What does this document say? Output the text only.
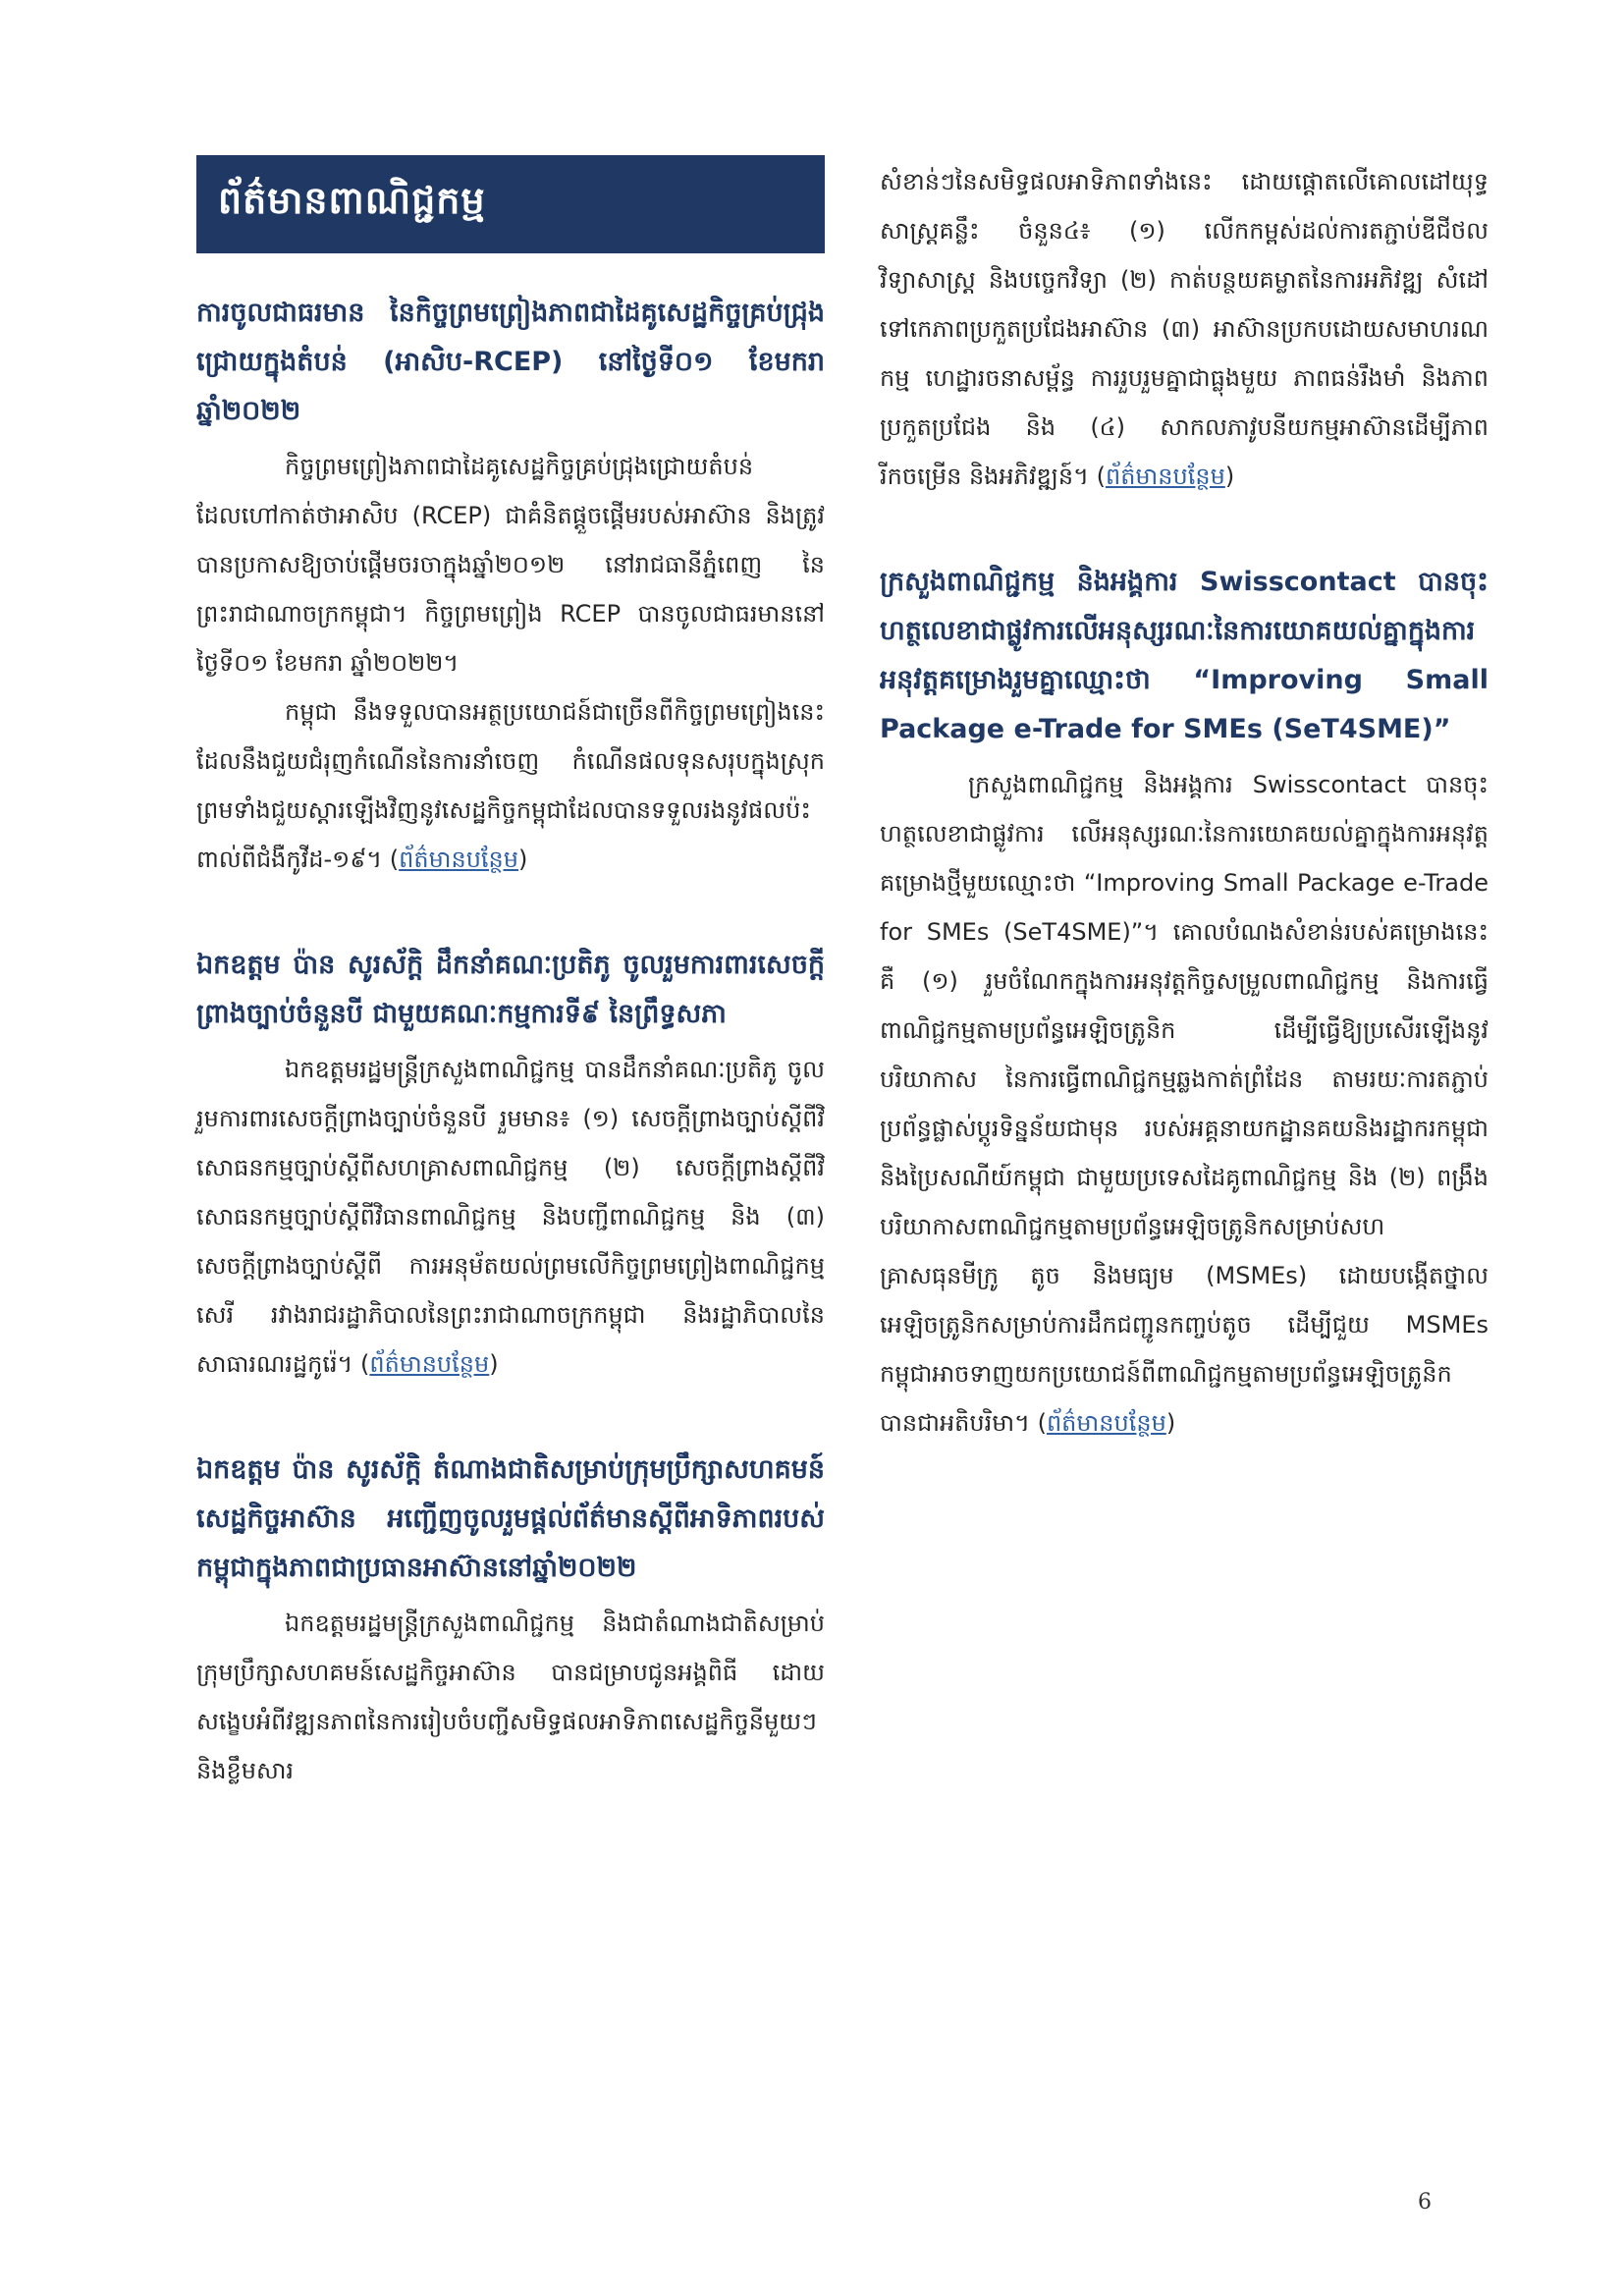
ព័ត៌មានពាណិជ្ជកម្ម
ការចូលជាធរមាន នៃកិច្ចព្រមព្រៀងភាពជាដៃគូសេដ្ឋកិច្ចគ្រប់ជ្រុងជ្រោយក្នុងតំបន់ (អាសិប-RCEP) នៅថ្ងៃទី០១ ខែមករា ឆ្នាំ២០២២

កិច្ចព្រមព្រៀងភាពជាដៃគូសេដ្ឋកិច្ចគ្រប់ជ្រុងជ្រោយតំបន់ ដែលហៅកាត់ថាអាសិប (RCEP) ជាគំនិតផ្តួចផ្តើមរបស់អាស៊ាន និងត្រូវបានប្រកាសឱ្យចាប់ផ្តើមចរចាក្នុងឆ្នាំ២០១២ នៅរាជធានីភ្នំពេញ នៃព្រះរាជាណាចក្រកម្ពុជា។ កិច្ចព្រមព្រៀង RCEP បានចូលជាធរមាននៅថ្ងៃទី០១ ខែមករា ឆ្នាំ២០២២។

កម្ពុជា នឹងទទួលបានអត្ថប្រយោជន៍ជាច្រើនពីកិច្ចព្រមព្រៀងនេះ ដែលនឹងជួយជំរុញកំណើននៃការនាំចេញ កំណើនផលទុនសរុបក្នុងស្រុក ព្រមទាំងជួយស្តារឡើងវិញនូវសេដ្ឋកិច្ចកម្ពុជាដែលបានទទួលរងនូវផលប៉ះពាល់ពីជំងឺកូវីដ-១៩។ (ព័ត៌មានបន្ថែម)

ឯកឧត្តម ប៉ាន សូរស័ក្តិ ដឹកនាំគណៈប្រតិភូ ចូលរួមការពារសេចក្តីព្រាងច្បាប់ចំនួនបី ជាមួយគណៈកម្មការទី៩ នៃព្រឹទ្ធសភា

ឯកឧត្តមរដ្ឋមន្ត្រីក្រសួងពាណិជ្ជកម្ម បានដឹកនាំគណៈប្រតិភូ ចូលរួមការពារសេចក្តីព្រាងច្បាប់ចំនួនបី រួមមាន៖ (១) សេចក្តីព្រាងច្បាប់ស្តីពីវិសោធនកម្មច្បាប់ស្តីពីសហគ្រាសពាណិជ្ជកម្ម (២) សេចក្តីព្រាងស្តីពីវិសោធនកម្មច្បាប់ស្តីពីវិធានពាណិជ្ជកម្ម និងបញ្ជីពាណិជ្ជកម្ម និង (៣) សេចក្តីព្រាងច្បាប់ស្តីពី ការអនុម័តយល់ព្រមលើកិច្ចព្រមព្រៀងពាណិជ្ជកម្មសេរី រវាងរាជរដ្ឋាភិបាលនៃព្រះរាជាណាចក្រកម្ពុជា និងរដ្ឋាភិបាលនៃសាធារណរដ្ឋកូរ៉េ។ (ព័ត៌មានបន្ថែម)

ឯកឧត្តម ប៉ាន សូរស័ក្តិ តំណាងជាតិសម្រាប់ក្រុមប្រឹក្សាសហគមន៍សេដ្ឋកិច្ចអាស៊ាន អញ្ជើញចូលរួមផ្តល់ព័ត៌មានស្តីពីអាទិភាពរបស់កម្ពុជាក្នុងភាពជាប្រធានអាស៊ាននៅឆ្នាំ២០២២

ឯកឧត្តមរដ្ឋមន្ត្រីក្រសួងពាណិជ្ជកម្ម និងជាតំណាងជាតិសម្រាប់ក្រុមប្រឹក្សាសហគមន៍សេដ្ឋកិច្ចអាស៊ាន បានជម្រាបជូនអង្គពិធី ដោយសង្ខេបអំពីវឌ្ឍនភាពនៃការរៀបចំបញ្ជីសមិទ្ធផលអាទិភាពសេដ្ឋកិច្ចនីមួយៗ និងខ្លឹមសារ

សំខាន់ៗនៃសមិទ្ធផលអាទិភាពទាំងនេះ ដោយផ្តោតលើគោលដៅយុទ្ធសាស្ត្រគន្លឹះ ចំនួន៤៖ (១) លើកកម្ពស់ដល់ការតភ្ជាប់ឌីជីថល វិទ្យាសាស្ត្រ និងបច្ចេកវិទ្យា (២) កាត់បន្ថយគម្លាតនៃការអភិវឌ្ឍ សំដៅទៅកេភាពប្រកួតប្រជែងអាស៊ាន (៣) អាស៊ានប្រកបដោយសមាហរណកម្ម ហេដ្ឋារចនាសម្ព័ន្ធ ការរួបរួមគ្នាជាធ្លុងមួយ ភាពធន់រឹងមាំ និងភាពប្រកួតប្រជែង និង (៤) សាកលភាវូបនីយកម្មអាស៊ានដើម្បីភាពរីកចម្រើន និងអភិវឌ្ឍន៍។ (ព័ត៌មានបន្ថែម)

ក្រសួងពាណិជ្ជកម្ម និងអង្គការ Swisscontact បានចុះហត្ថលេខាជាផ្លូវការលើអនុស្សរណៈនៃការយោគយល់គ្នាក្នុងការអនុវត្តគម្រោងរួមគ្នាឈ្មោះថា “Improving Small Package e-Trade for SMEs (SeT4SME)”

ក្រសួងពាណិជ្ជកម្ម និងអង្គការ Swisscontact បានចុះហត្ថលេខាជាផ្លូវការ លើអនុស្សរណៈនៃការយោគយល់គ្នាក្នុងការអនុវត្តគម្រោងថ្មីមួយឈ្មោះថា “Improving Small Package e-Trade for SMEs (SeT4SME)”។ គោលបំណងសំខាន់របស់គម្រោងនេះ គឺ (១) រួមចំណែកក្នុងការអនុវត្តកិច្ចសម្រួលពាណិជ្ជកម្ម និងការធ្វើពាណិជ្ជកម្មតាមប្រព័ន្ធអេឡិចត្រូនិក ដើម្បីធ្វើឱ្យប្រសើរឡើងនូវបរិយាកាស នៃការធ្វើពាណិជ្ជកម្មឆ្លងកាត់ព្រំដែន តាមរយៈការតភ្ជាប់ប្រព័ន្ធផ្លាស់ប្តូរទិន្នន័យជាមុន របស់អគ្គនាយកដ្ឋានគយនិងរដ្ឋាករកម្ពុជា និងប្រៃសណីយ៍កម្ពុជា ជាមួយប្រទេសដៃគូពាណិជ្ជកម្ម និង (២) ពង្រឹងបរិយាកាសពាណិជ្ជកម្មតាមប្រព័ន្ធអេឡិចត្រូនិកសម្រាប់សហគ្រាសធុនមីក្រូ តូច និងមធ្យម (MSMEs) ដោយបង្កើតថ្នាលអេឡិចត្រូនិកសម្រាប់ការដឹកជញ្ជូនកញ្ចប់តូច ដើម្បីជួយ MSMEs កម្ពុជាអាចទាញយកប្រយោជន៍ពីពាណិជ្ជកម្មតាមប្រព័ន្ធអេឡិចត្រូនិកបានជាអតិបរិមា។ (ព័ត៌មានបន្ថែម)

6
